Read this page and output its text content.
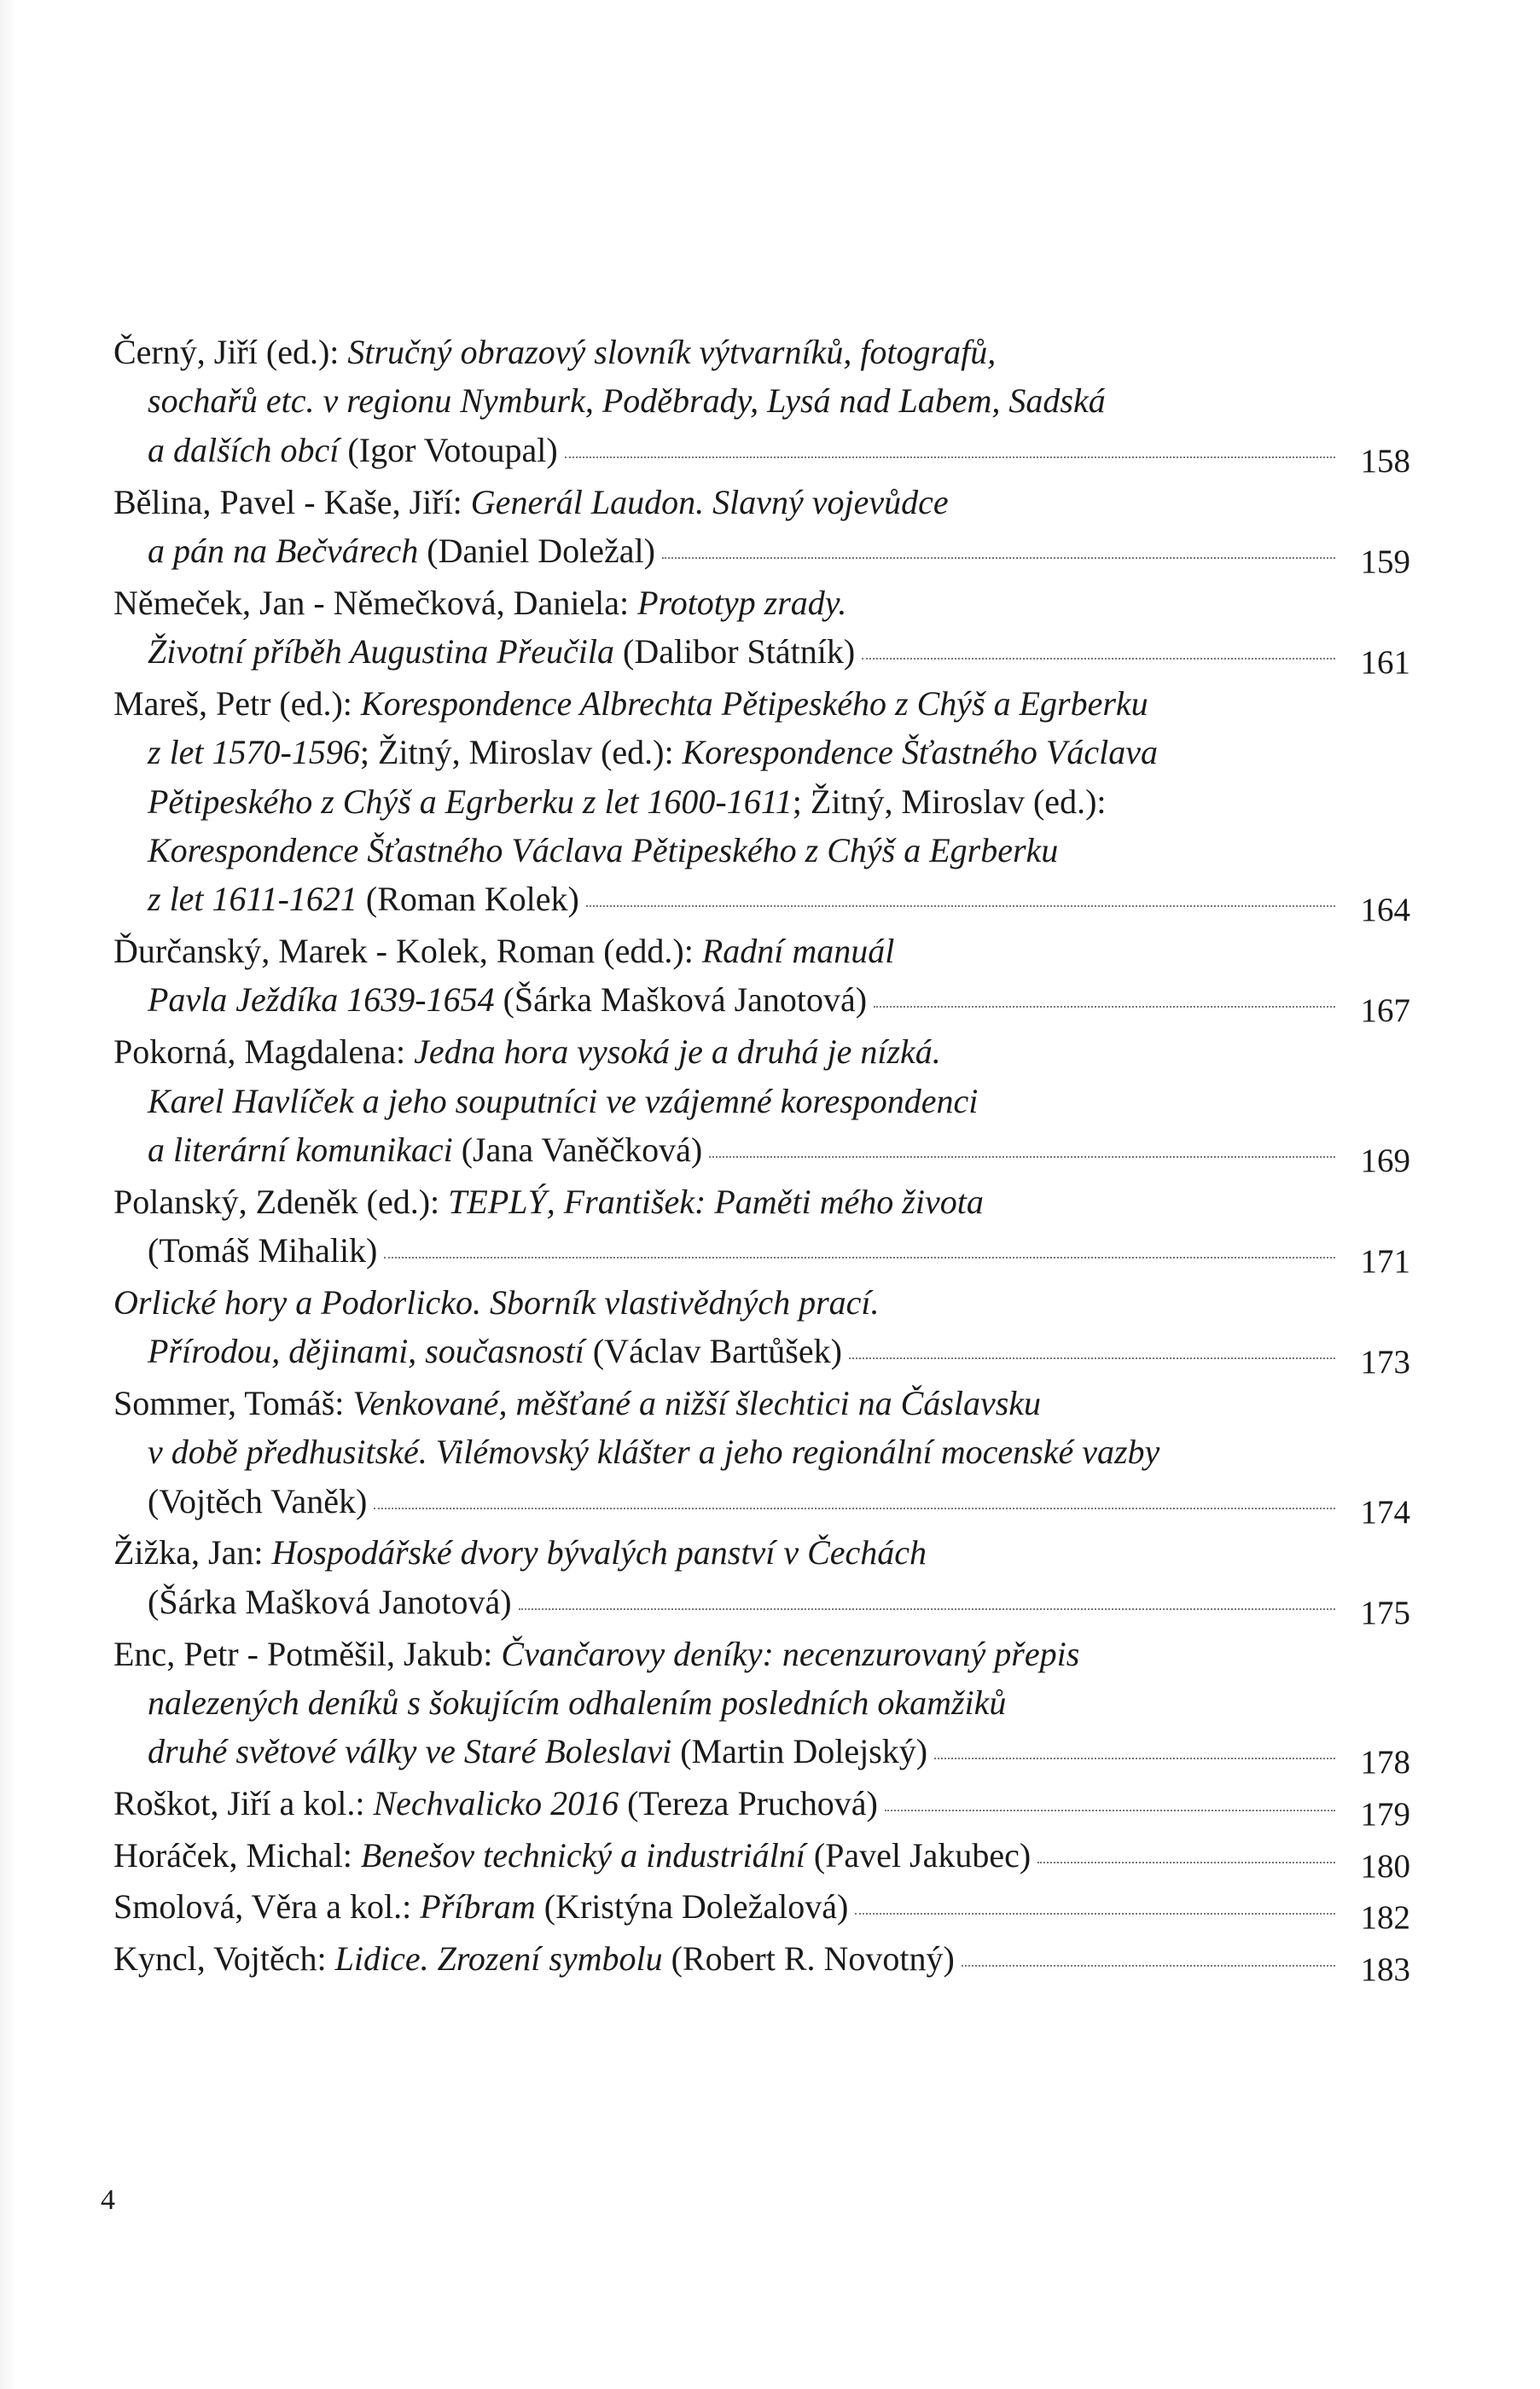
Černý, Jiří (ed.): Stručný obrazový slovník výtvarníků, fotografů,
sochařů etc. v regionu Nymburk, Poděbrady, Lysá nad Labem, Sadská
a dalších obcí (Igor Votoupal)	158
Bělina, Pavel - Kaše, Jiří: Generál Laudon. Slavný vojevůdce
a pán na Bečvárech (Daniel Doležal)	159
Němeček, Jan - Němečková, Daniela: Prototyp zrady.
Životní příběh Augustina Přeučila (Dalibor Státník)	161
Mareš, Petr (ed.): Korespondence Albrechta Pětipeského z Chýš a Egrberku
z let 1570-1596; Žitný, Miroslav (ed.): Korespondence Šťastného Václava
Pětipeského z Chýš a Egrberku z let 1600-1611; Žitný, Miroslav (ed.):
Korespondence Šťastného Václava Pětipeského z Chýš a Egrberku
z let 1611-1621 (Roman Kolek)	164
Ďurčanský, Marek - Kolek, Roman (edd.): Radní manuál
Pavla Ježdíka 1639-1654 (Šárka Mašková Janotová)	167
Pokorná, Magdalena: Jedna hora vysoká je a druhá je nízká.
Karel Havlíček a jeho souputníci ve vzájemné korespondenci
a literární komunikaci (Jana Vaněčková)	169
Polanský, Zdeněk (ed.): TEPLÝ, František: Paměti mého života
(Tomáš Mihalik)	171
Orlické hory a Podorlicko. Sborník vlastivědných prací.
Přírodou, dějinami, současností (Václav Bartůšek)	173
Sommer, Tomáš: Venkované, měšťané a nižší šlechtici na Čáslavsku
v době předhusitské. Vilémovský klášter a jeho regionální mocenské vazby
(Vojtěch Vaněk)	174
Žižka, Jan: Hospodářské dvory bývalých panství v Čechách
(Šárka Mašková Janotová)	175
Enc, Petr - Potměšil, Jakub: Čvančarovy deníky: necenzurovaný přepis
nalezených deníků s šokujícím odhalením posledních okamžiků
druhé světové války ve Staré Boleslavi (Martin Dolejský)	178
Roškot, Jiří a kol.: Nechvalicko 2016 (Tereza Pruchová)	179
Horáček, Michal: Benešov technický a industriální (Pavel Jakubec)	180
Smolová, Věra a kol.: Příbram (Kristýna Doležalová)	182
Kyncl, Vojtěch: Lidice. Zrození symbolu (Robert R. Novotný)	183
4
